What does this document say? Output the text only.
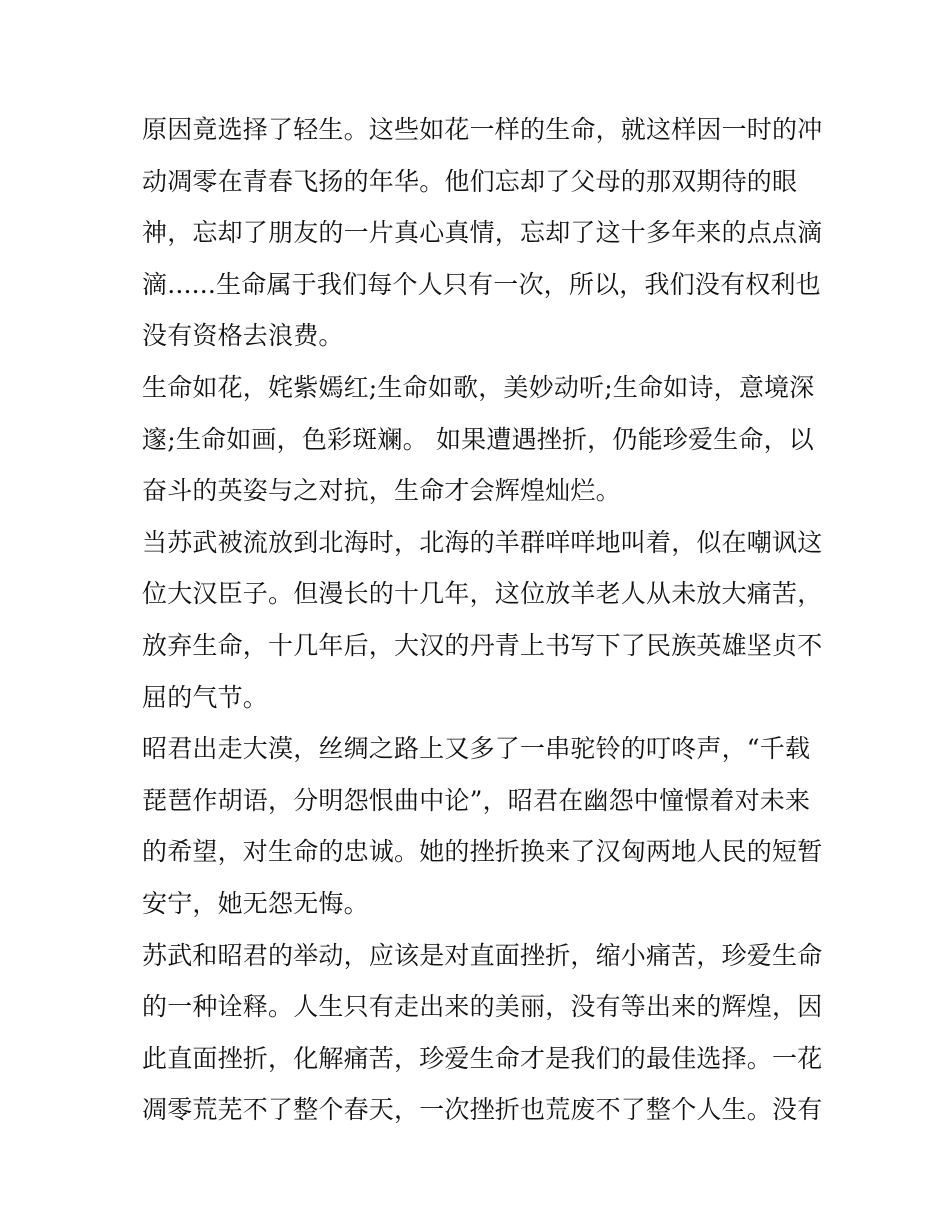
原因竟选择了轻生。这些如花一样的生命，就这样因一时的冲
动凋零在青春飞扬的年华。他们忘却了父母的那双期待的眼
神，忘却了朋友的一片真心真情，忘却了这十多年来的点点滴
滴......生命属于我们每个人只有一次，所以，我们没有权利也
没有资格去浪费。
生命如花，姹紫嫣红;生命如歌，美妙动听;生命如诗，意境深
邃;生命如画，色彩斑斓。 如果遭遇挫折，仍能珍爱生命，以
奋斗的英姿与之对抗，生命才会辉煌灿烂。
当苏武被流放到北海时，北海的羊群咩咩地叫着，似在嘲讽这
位大汉臣子。但漫长的十几年，这位放羊老人从未放大痛苦，
放弃生命，十几年后，大汉的丹青上书写下了民族英雄坚贞不
屈的气节。
昭君出走大漠，丝绸之路上又多了一串驼铃的叮咚声，“千载
琵琶作胡语，分明怨恨曲中论”，昭君在幽怨中憧憬着对未来
的希望，对生命的忠诚。她的挫折换来了汉匈两地人民的短暂
安宁，她无怨无悔。
苏武和昭君的举动，应该是对直面挫折，缩小痛苦，珍爱生命
的一种诠释。人生只有走出来的美丽，没有等出来的辉煌，因
此直面挫折，化解痛苦，珍爱生命才是我们的最佳选择。一花
凋零荒芜不了整个春天，一次挫折也荒废不了整个人生。没有
